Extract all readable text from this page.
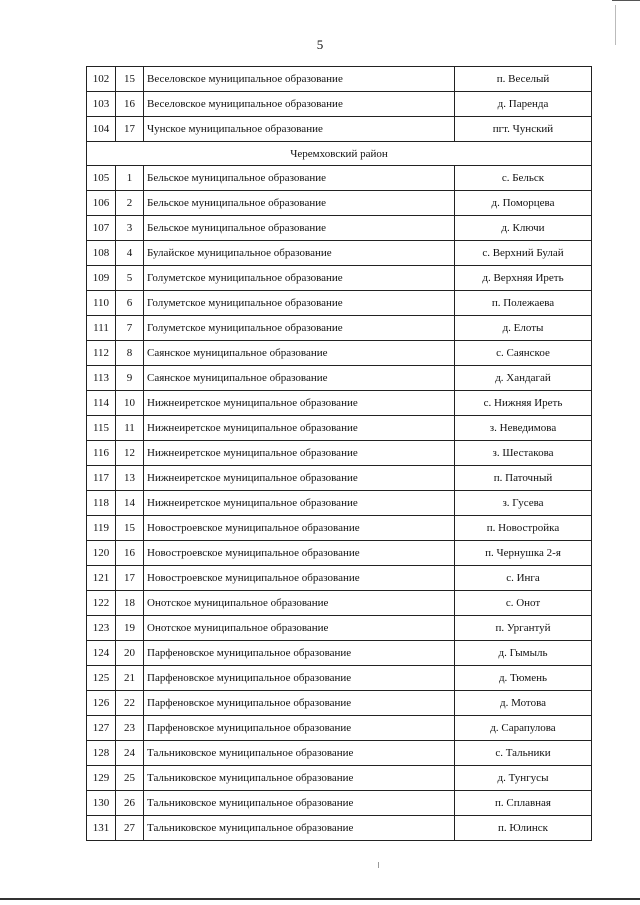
5
102	15	Веселовское муниципальное образование	п. Веселый
103	16	Веселовское муниципальное образование	д. Паренда
104	17	Чунское муниципальное образование	пгт. Чунский
Черемховский район			
105	1	Бельское муниципальное образование	с. Бельск
106	2	Бельское муниципальное образование	д. Поморцева
107	3	Бельское муниципальное образование	д. Ключи
108	4	Булайское муниципальное образование	с. Верхний Булай
109	5	Голуметское муниципальное образование	д. Верхняя Иреть
110	6	Голуметское муниципальное образование	п. Полежаева
111	7	Голуметское муниципальное образование	д. Елоты
112	8	Саянское муниципальное образование	с. Саянское
113	9	Саянское муниципальное образование	д. Хандагай
114	10	Нижнеиретское муниципальное образование	с. Нижняя Иреть
115	11	Нижнеиретское муниципальное образование	з. Неведимова
116	12	Нижнеиретское муниципальное образование	з. Шестакова
117	13	Нижнеиретское муниципальное образование	п. Паточный
118	14	Нижнеиретское муниципальное образование	з. Гусева
119	15	Новостроевское муниципальное образование	п. Новостройка
120	16	Новостроевское муниципальное образование	п. Чернушка 2-я
121	17	Новостроевское муниципальное образование	с. Инга
122	18	Онотское муниципальное образование	с. Онот
123	19	Онотское муниципальное образование	п. Ургантуй
124	20	Парфеновское муниципальное образование	д. Гымыль
125	21	Парфеновское муниципальное образование	д. Тюмень
126	22	Парфеновское муниципальное образование	д. Мотова
127	23	Парфеновское муниципальное образование	д. Сарапулова
128	24	Тальниковское муниципальное образование	с. Тальники
129	25	Тальниковское муниципальное образование	д. Тунгусы
130	26	Тальниковское муниципальное образование	п. Сплавная
131	27	Тальниковское муниципальное образование	п. Юлинск
